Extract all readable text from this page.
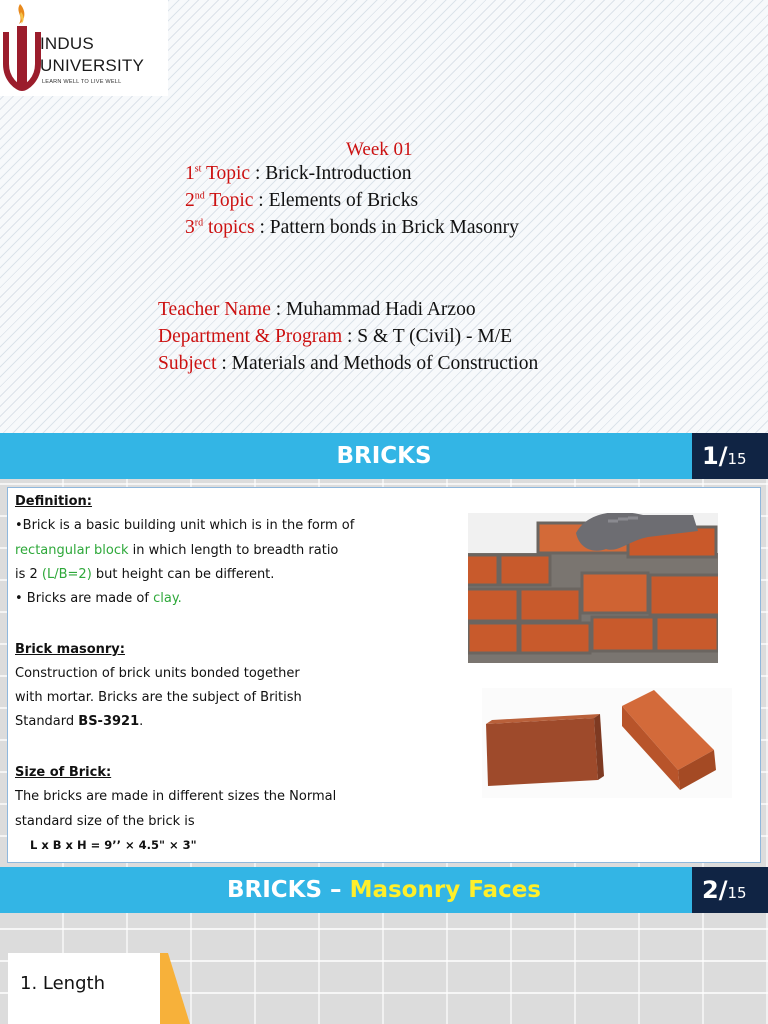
INDUS
UNIVERSITY
LEARN WELL TO LIVE WELL
Week 01
1st Topic : Brick-Introduction
2nd Topic : Elements of Bricks
3rd topics : Pattern bonds in Brick Masonry
Teacher Name : Muhammad Hadi Arzoo
Department & Program : S & T (Civil) - M/E
Subject : Materials and Methods of Construction
BRICKS	1/15
Definition:
•Brick is a basic building unit which is in the form of
rectangular block in which length to breadth ratio
is 2 (L/B=2) but height can be different.
• Bricks are made of clay.
Brick masonry:
Construction of brick units bonded together
with mortar. Bricks are the subject of British
Standard BS-3921.
Size of Brick:
The bricks are made in different sizes the Normal
standard size of the brick is
L x B x H = 9’’ × 4.5" × 3"
BRICKS – Masonry Faces	2/15
1. Length
